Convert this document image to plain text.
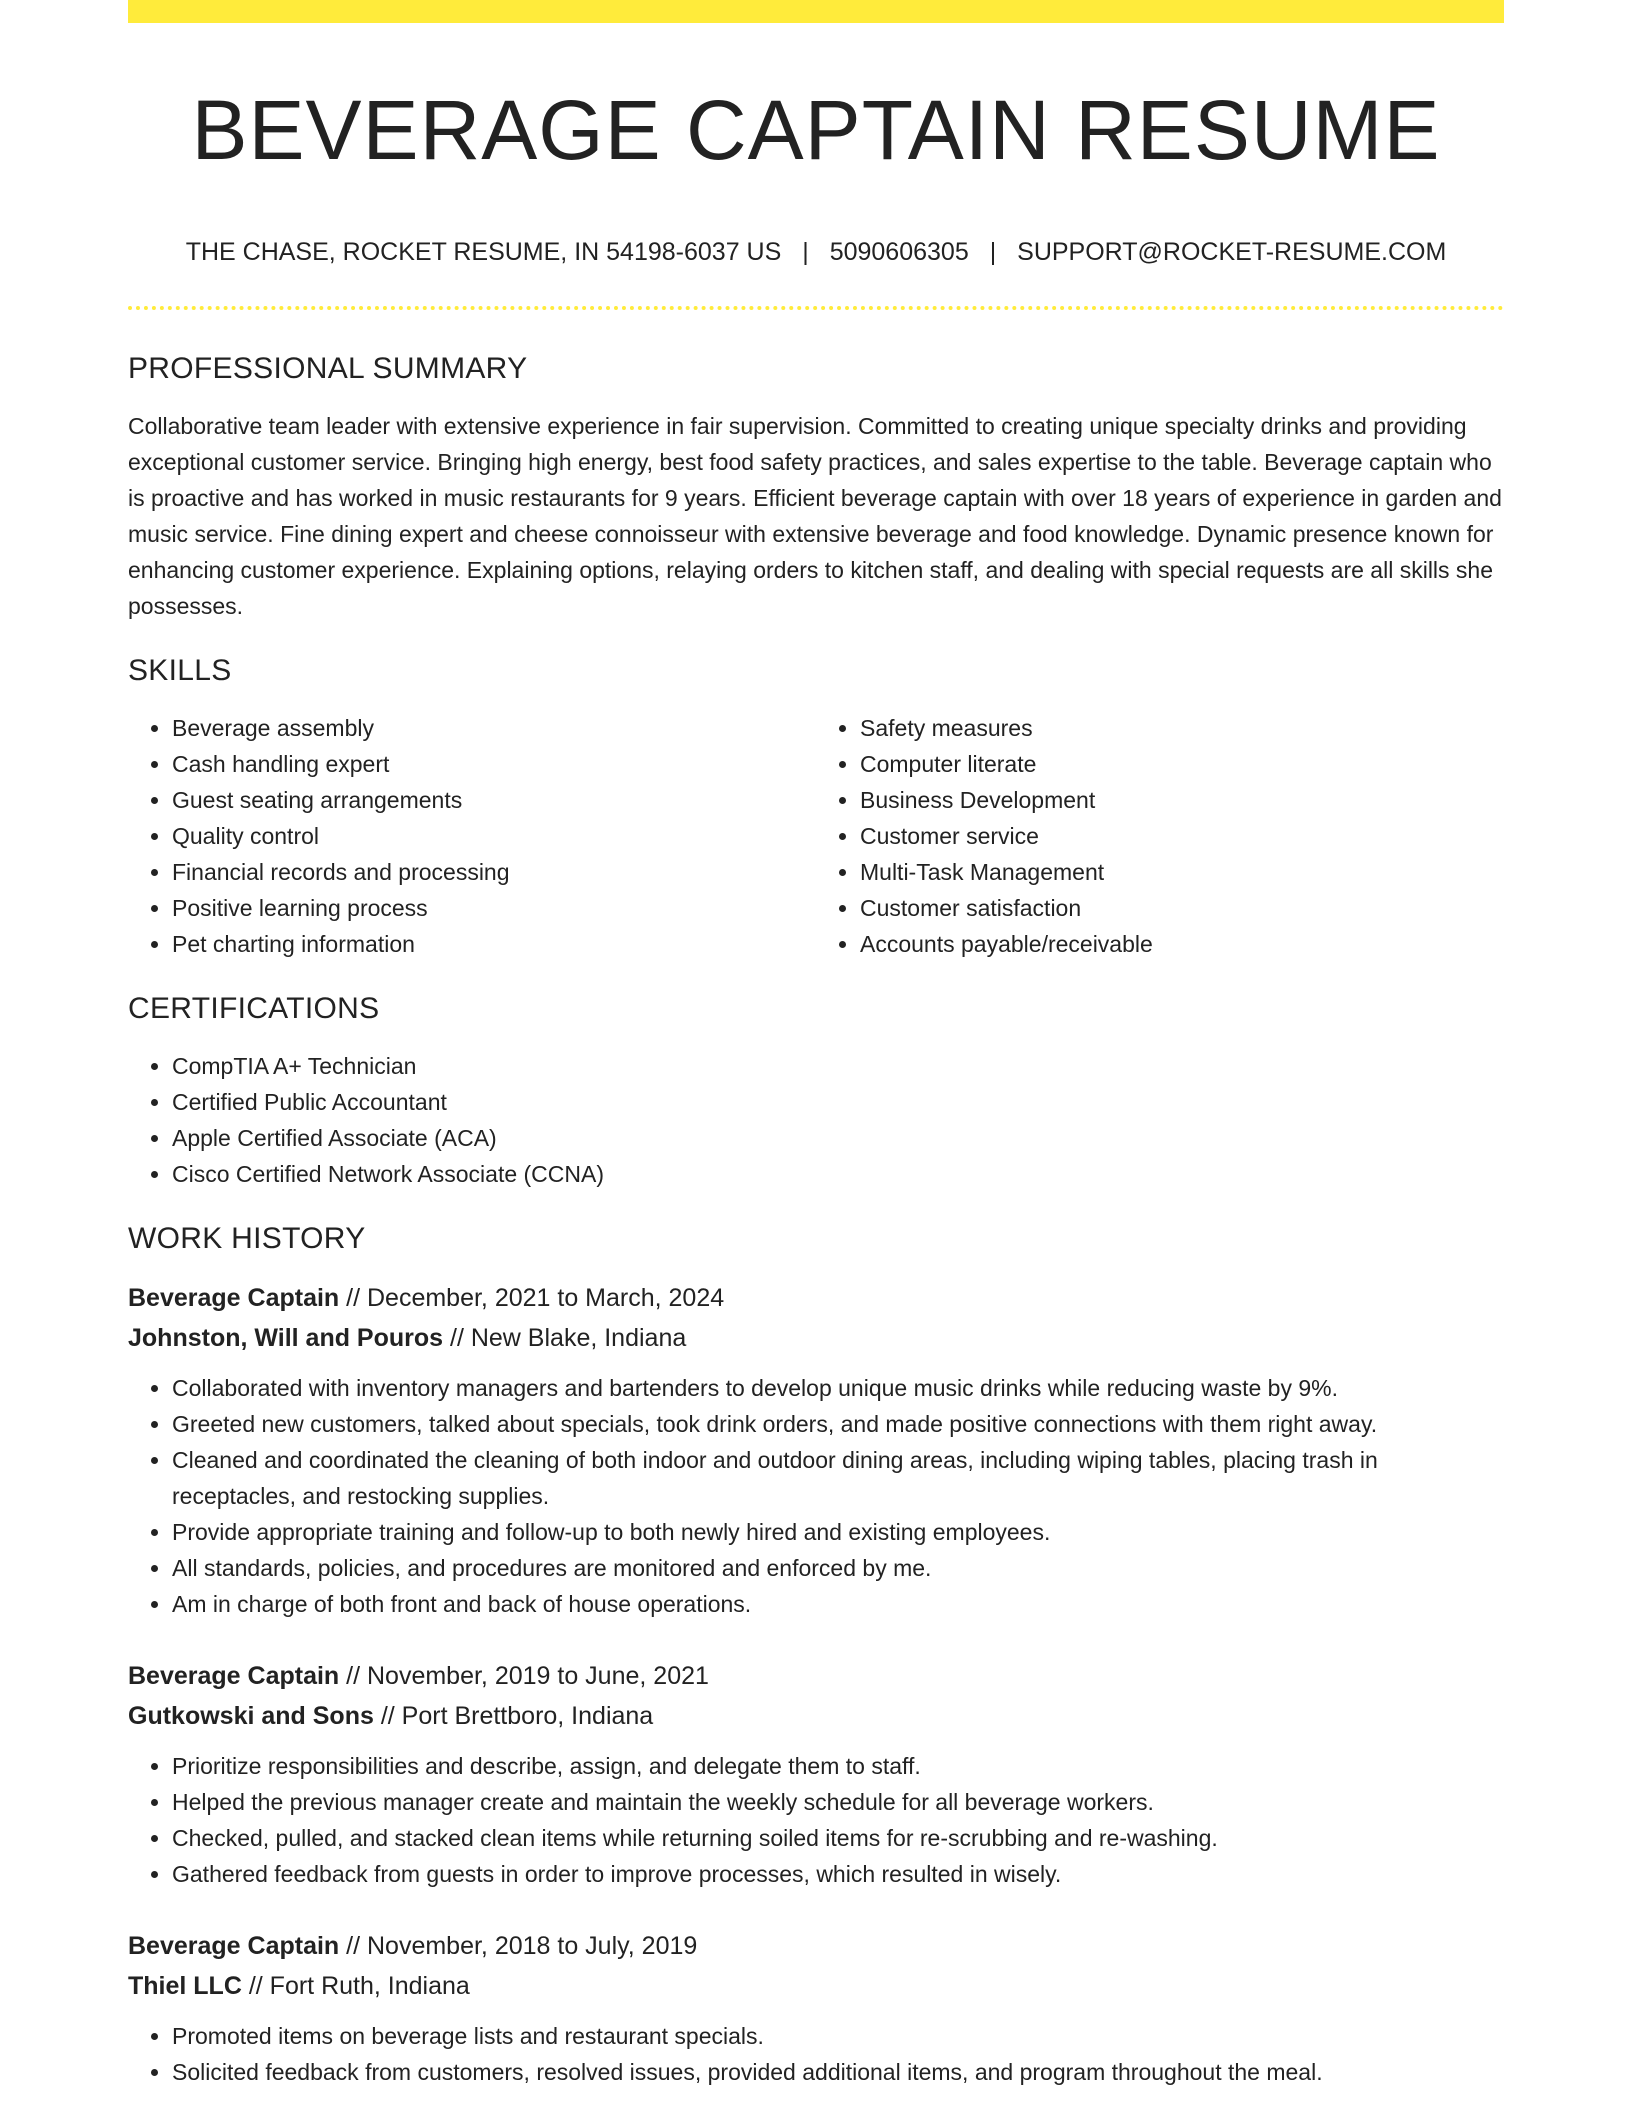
BEVERAGE CAPTAIN RESUME
THE CHASE, ROCKET RESUME, IN 54198-6037 US | 5090606305 | SUPPORT@ROCKET-RESUME.COM
PROFESSIONAL SUMMARY

Collaborative team leader with extensive experience in fair supervision. Committed to creating unique specialty drinks and providing exceptional customer service. Bringing high energy, best food safety practices, and sales expertise to the table. Beverage captain who is proactive and has worked in music restaurants for 9 years. Efficient beverage captain with over 18 years of experience in garden and music service. Fine dining expert and cheese connoisseur with extensive beverage and food knowledge. Dynamic presence known for enhancing customer experience. Explaining options, relaying orders to kitchen staff, and dealing with special requests are all skills she possesses.

SKILLS
• Beverage assembly
• Cash handling expert
• Guest seating arrangements
• Quality control
• Financial records and processing
• Positive learning process
• Pet charting information
• Safety measures
• Computer literate
• Business Development
• Customer service
• Multi-Task Management
• Customer satisfaction
• Accounts payable/receivable
CERTIFICATIONS
• CompTIA A+ Technician
• Certified Public Accountant
• Apple Certified Associate (ACA)
• Cisco Certified Network Associate (CCNA)
WORK HISTORY
Beverage Captain // December, 2021 to March, 2024
Johnston, Will and Pouros // New Blake, Indiana
• Collaborated with inventory managers and bartenders to develop unique music drinks while reducing waste by 9%.
• Greeted new customers, talked about specials, took drink orders, and made positive connections with them right away.
• Cleaned and coordinated the cleaning of both indoor and outdoor dining areas, including wiping tables, placing trash in receptacles, and restocking supplies.
• Provide appropriate training and follow-up to both newly hired and existing employees.
• All standards, policies, and procedures are monitored and enforced by me.
• Am in charge of both front and back of house operations.
Beverage Captain // November, 2019 to June, 2021
Gutkowski and Sons // Port Brettboro, Indiana
• Prioritize responsibilities and describe, assign, and delegate them to staff.
• Helped the previous manager create and maintain the weekly schedule for all beverage workers.
• Checked, pulled, and stacked clean items while returning soiled items for re-scrubbing and re-washing.
• Gathered feedback from guests in order to improve processes, which resulted in wisely.
Beverage Captain // November, 2018 to July, 2019
Thiel LLC // Fort Ruth, Indiana
• Promoted items on beverage lists and restaurant specials.
• Solicited feedback from customers, resolved issues, provided additional items, and program throughout the meal.
